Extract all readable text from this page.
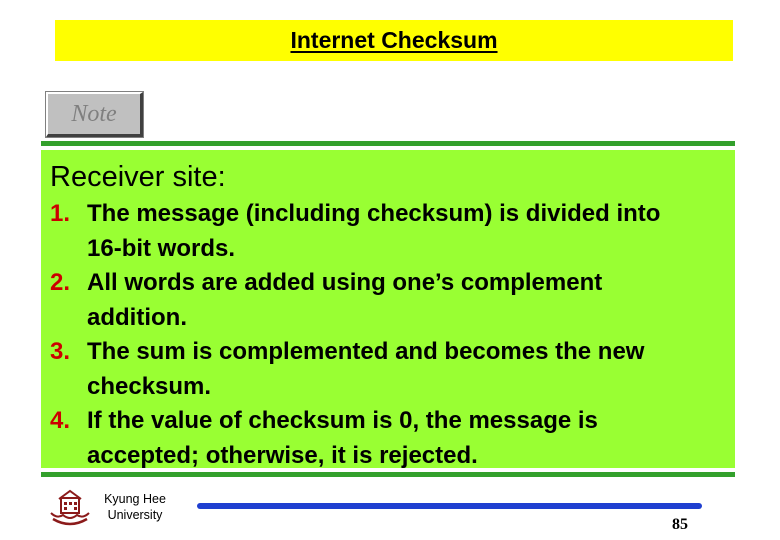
Internet Checksum
Note
Receiver site:
1. The message (including checksum) is divided into 16-bit words.
2. All words are added using one’s complement addition.
3. The sum is complemented and becomes the new checksum.
4. If the value of checksum is 0, the message is accepted; otherwise, it is rejected.
Kyung Hee
University
85
